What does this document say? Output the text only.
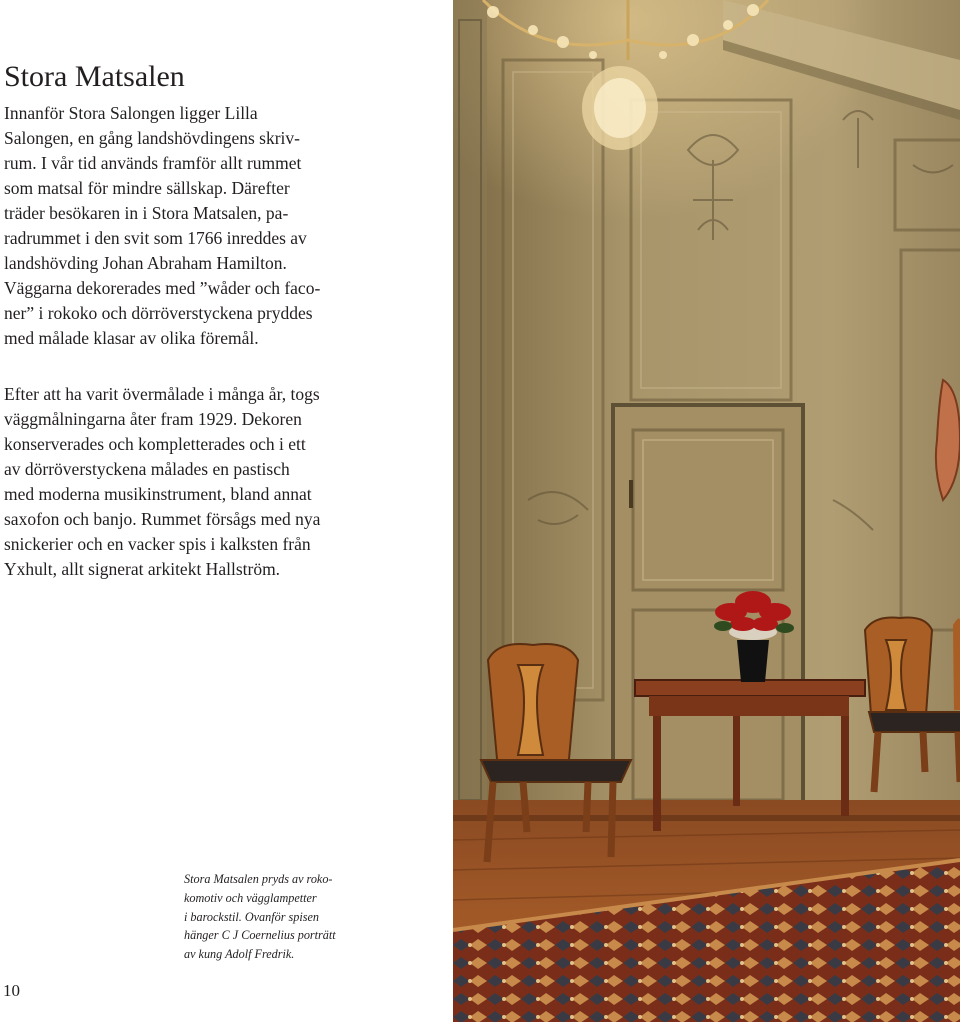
Stora Matsalen
Innanför Stora Salongen ligger Lilla
Salongen, en gång landshövdingens skriv-
rum. I vår tid används framför allt rummet
som matsal för mindre sällskap. Därefter
träder besökaren in i Stora Matsalen, pa-
radrummet i den svit som 1766 inreddes av
landshövding Johan Abraham Hamilton.
Väggarna dekorerades med ”wåder och faco-
ner” i rokoko och dörröverstyckena pryddes
med målade klasar av olika föremål.
Efter att ha varit övermålade i många år, togs
väggmålningarna åter fram 1929. Dekoren
konserverades och kompletterades och i ett
av dörröverstyckena målades en pastisch
med moderna musikinstrument, bland annat
saxofon och banjo. Rummet försågs med nya
snickerier och en vacker spis i kalksten från
Yxhult, allt signerat arkitekt Hallström.
Stora Matsalen pryds av roko-
komotiv och vägglampetter
i barockstil. Ovanför spisen
hänger C J Coernelius porträtt
av kung Adolf Fredrik.
10
